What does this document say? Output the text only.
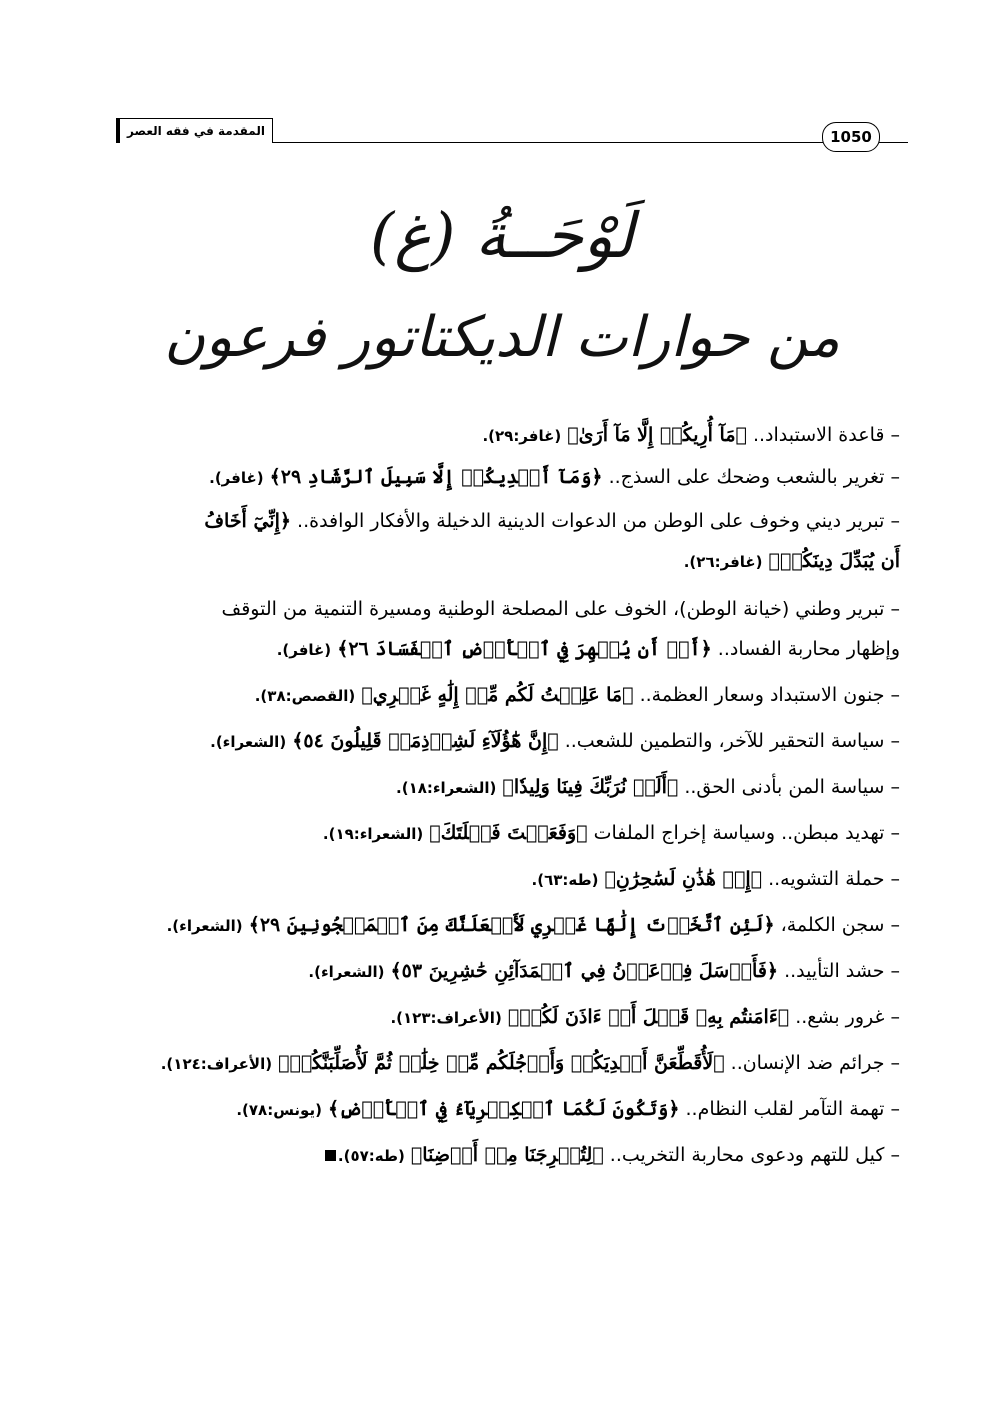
1050
المقدمة في فقه العصر
لَوْحَــةُ (غ)
من حوارات الديكتاتور فرعون
– قاعدة الاستبداد.. ﴿مَآ أُرِيكُمۡ إِلَّا مَآ أَرَىٰ﴾ (غافر:٢٩).
– تغرير بالشعب وضحك على السذج.. ﴿وَمَآ أَهۡدِيكُمۡ إِلَّا سَبِيلَ ٱلرَّشَادِ ٢٩﴾ (غافر).
– تبرير ديني وخوف على الوطن من الدعوات الدينية الدخيلة والأفكار الوافدة.. ﴿إِنِّيٓ أَخَافُ
أَن يُبَدِّلَ دِينَكُمۡ﴾ (غافر:٢٦).
– تبرير وطني (خيانة الوطن)، الخوف على المصلحة الوطنية ومسيرة التنمية من التوقف
وإظهار محاربة الفساد.. ﴿أَوۡ أَن يُظۡهِرَ فِي ٱلۡأَرۡضِ ٱلۡفَسَادَ ٢٦﴾ (غافر).
– جنون الاستبداد وسعار العظمة.. ﴿مَا عَلِمۡتُ لَكُم مِّنۡ إِلَٰهٍ غَيۡرِي﴾ (القصص:٣٨).
– سياسة التحقير للآخر، والتطمين للشعب.. ﴿إِنَّ هَٰٓؤُلَآءِ لَشِرۡذِمَةٞ قَلِيلُونَ ٥٤﴾ (الشعراء).
– سياسة المن بأدنى الحق.. ﴿أَلَمۡ نُرَبِّكَ فِينَا وَلِيدٗا﴾ (الشعراء:١٨).
– تهديد مبطن.. وسياسة إخراج الملفات ﴿وَفَعَلۡتَ فَعۡلَتَكَ﴾ (الشعراء:١٩).
– حملة التشويه.. ﴿إِنۡ هَٰذَٰنِ لَسَٰحِرَٰنِ﴾ (طه:٦٣).
– سجن الكلمة، ﴿لَئِنِ ٱتَّخَذۡتَ إِلَٰهًا غَيۡرِي لَأَجۡعَلَنَّكَ مِنَ ٱلۡمَسۡجُونِينَ ٢٩﴾ (الشعراء).
– حشد التأييد.. ﴿فَأَرۡسَلَ فِرۡعَوۡنُ فِي ٱلۡمَدَآئِنِ حَٰشِرِينَ ٥٣﴾ (الشعراء).
– غرور بشع.. ﴿ءَامَنتُم بِهِۦ قَبۡلَ أَنۡ ءَاذَنَ لَكُمۡ﴾ (الأعراف:١٢٣).
– جرائم ضد الإنسان.. ﴿لَأُقَطِّعَنَّ أَيۡدِيَكُمۡ وَأَرۡجُلَكُم مِّنۡ خِلَٰفٖ ثُمَّ لَأُصَلِّبَنَّكُمۡ﴾ (الأعراف:١٢٤).
– تهمة التآمر لقلب النظام.. ﴿وَتَكُونَ لَكُمَا ٱلۡكِبۡرِيَآءُ فِي ٱلۡأَرۡضِ﴾ (يونس:٧٨).
– كيل للتهم ودعوى محاربة التخريب.. ﴿لِتُخۡرِجَنَا مِنۡ أَرۡضِنَا﴾ (طه:٥٧).
